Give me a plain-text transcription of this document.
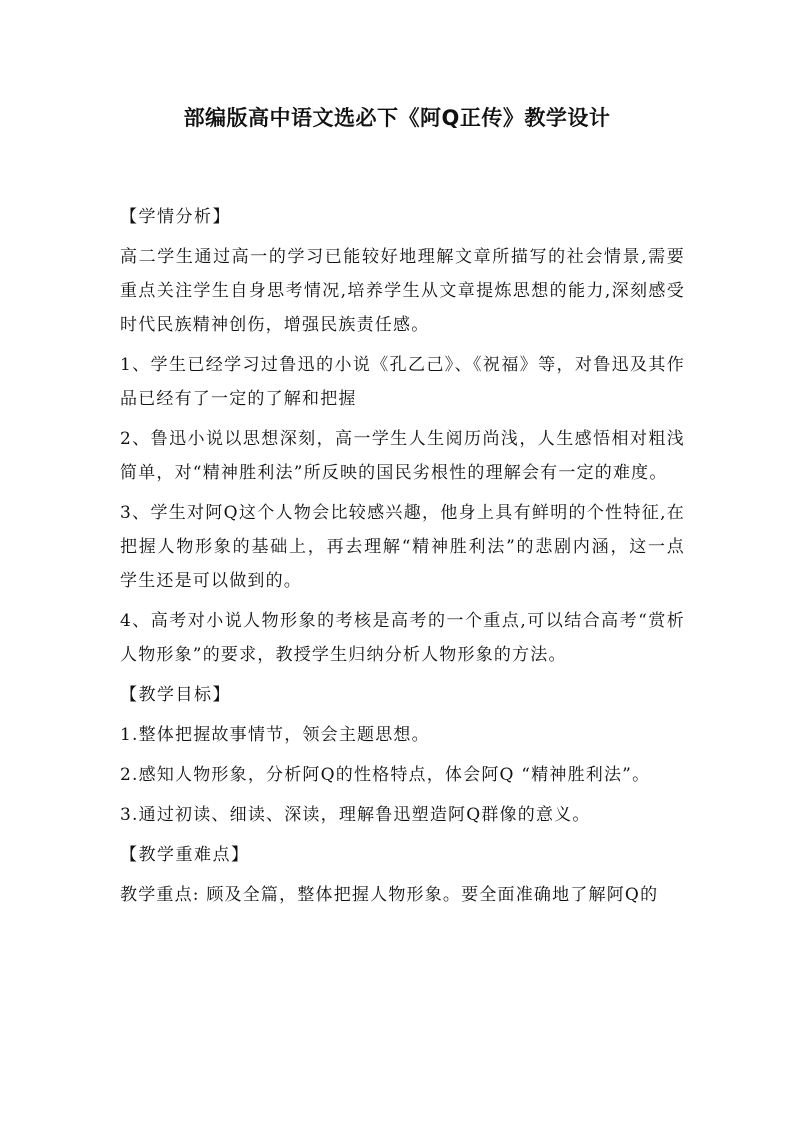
部编版高中语文选必下《阿Q正传》教学设计

【学情分析】

高二学生通过高一的学习已能较好地理解文章所描写的社会情景,需要重点关注学生自身思考情况,培养学生从文章提炼思想的能力,深刻感受时代民族精神创伤，增强民族责任感。

1、学生已经学习过鲁迅的小说《孔乙己》、《祝福》等，对鲁迅及其作品已经有了一定的了解和把握

2、鲁迅小说以思想深刻，高一学生人生阅历尚浅，人生感悟相对粗浅简单，对“精神胜利法”所反映的国民劣根性的理解会有一定的难度。

3、学生对阿Q这个人物会比较感兴趣，他身上具有鲜明的个性特征,在把握人物形象的基础上，再去理解“精神胜利法”的悲剧内涵，这一点学生还是可以做到的。

4、高考对小说人物形象的考核是高考的一个重点,可以结合高考“赏析人物形象”的要求，教授学生归纳分析人物形象的方法。

【教学目标】

1.整体把握故事情节，领会主题思想。

2.感知人物形象，分析阿Q的性格特点，体会阿Q “精神胜利法”。

3.通过初读、细读、深读，理解鲁迅塑造阿Q群像的意义。

【教学重难点】

教学重点: 顾及全篇，整体把握人物形象。要全面准确地了解阿Q的
